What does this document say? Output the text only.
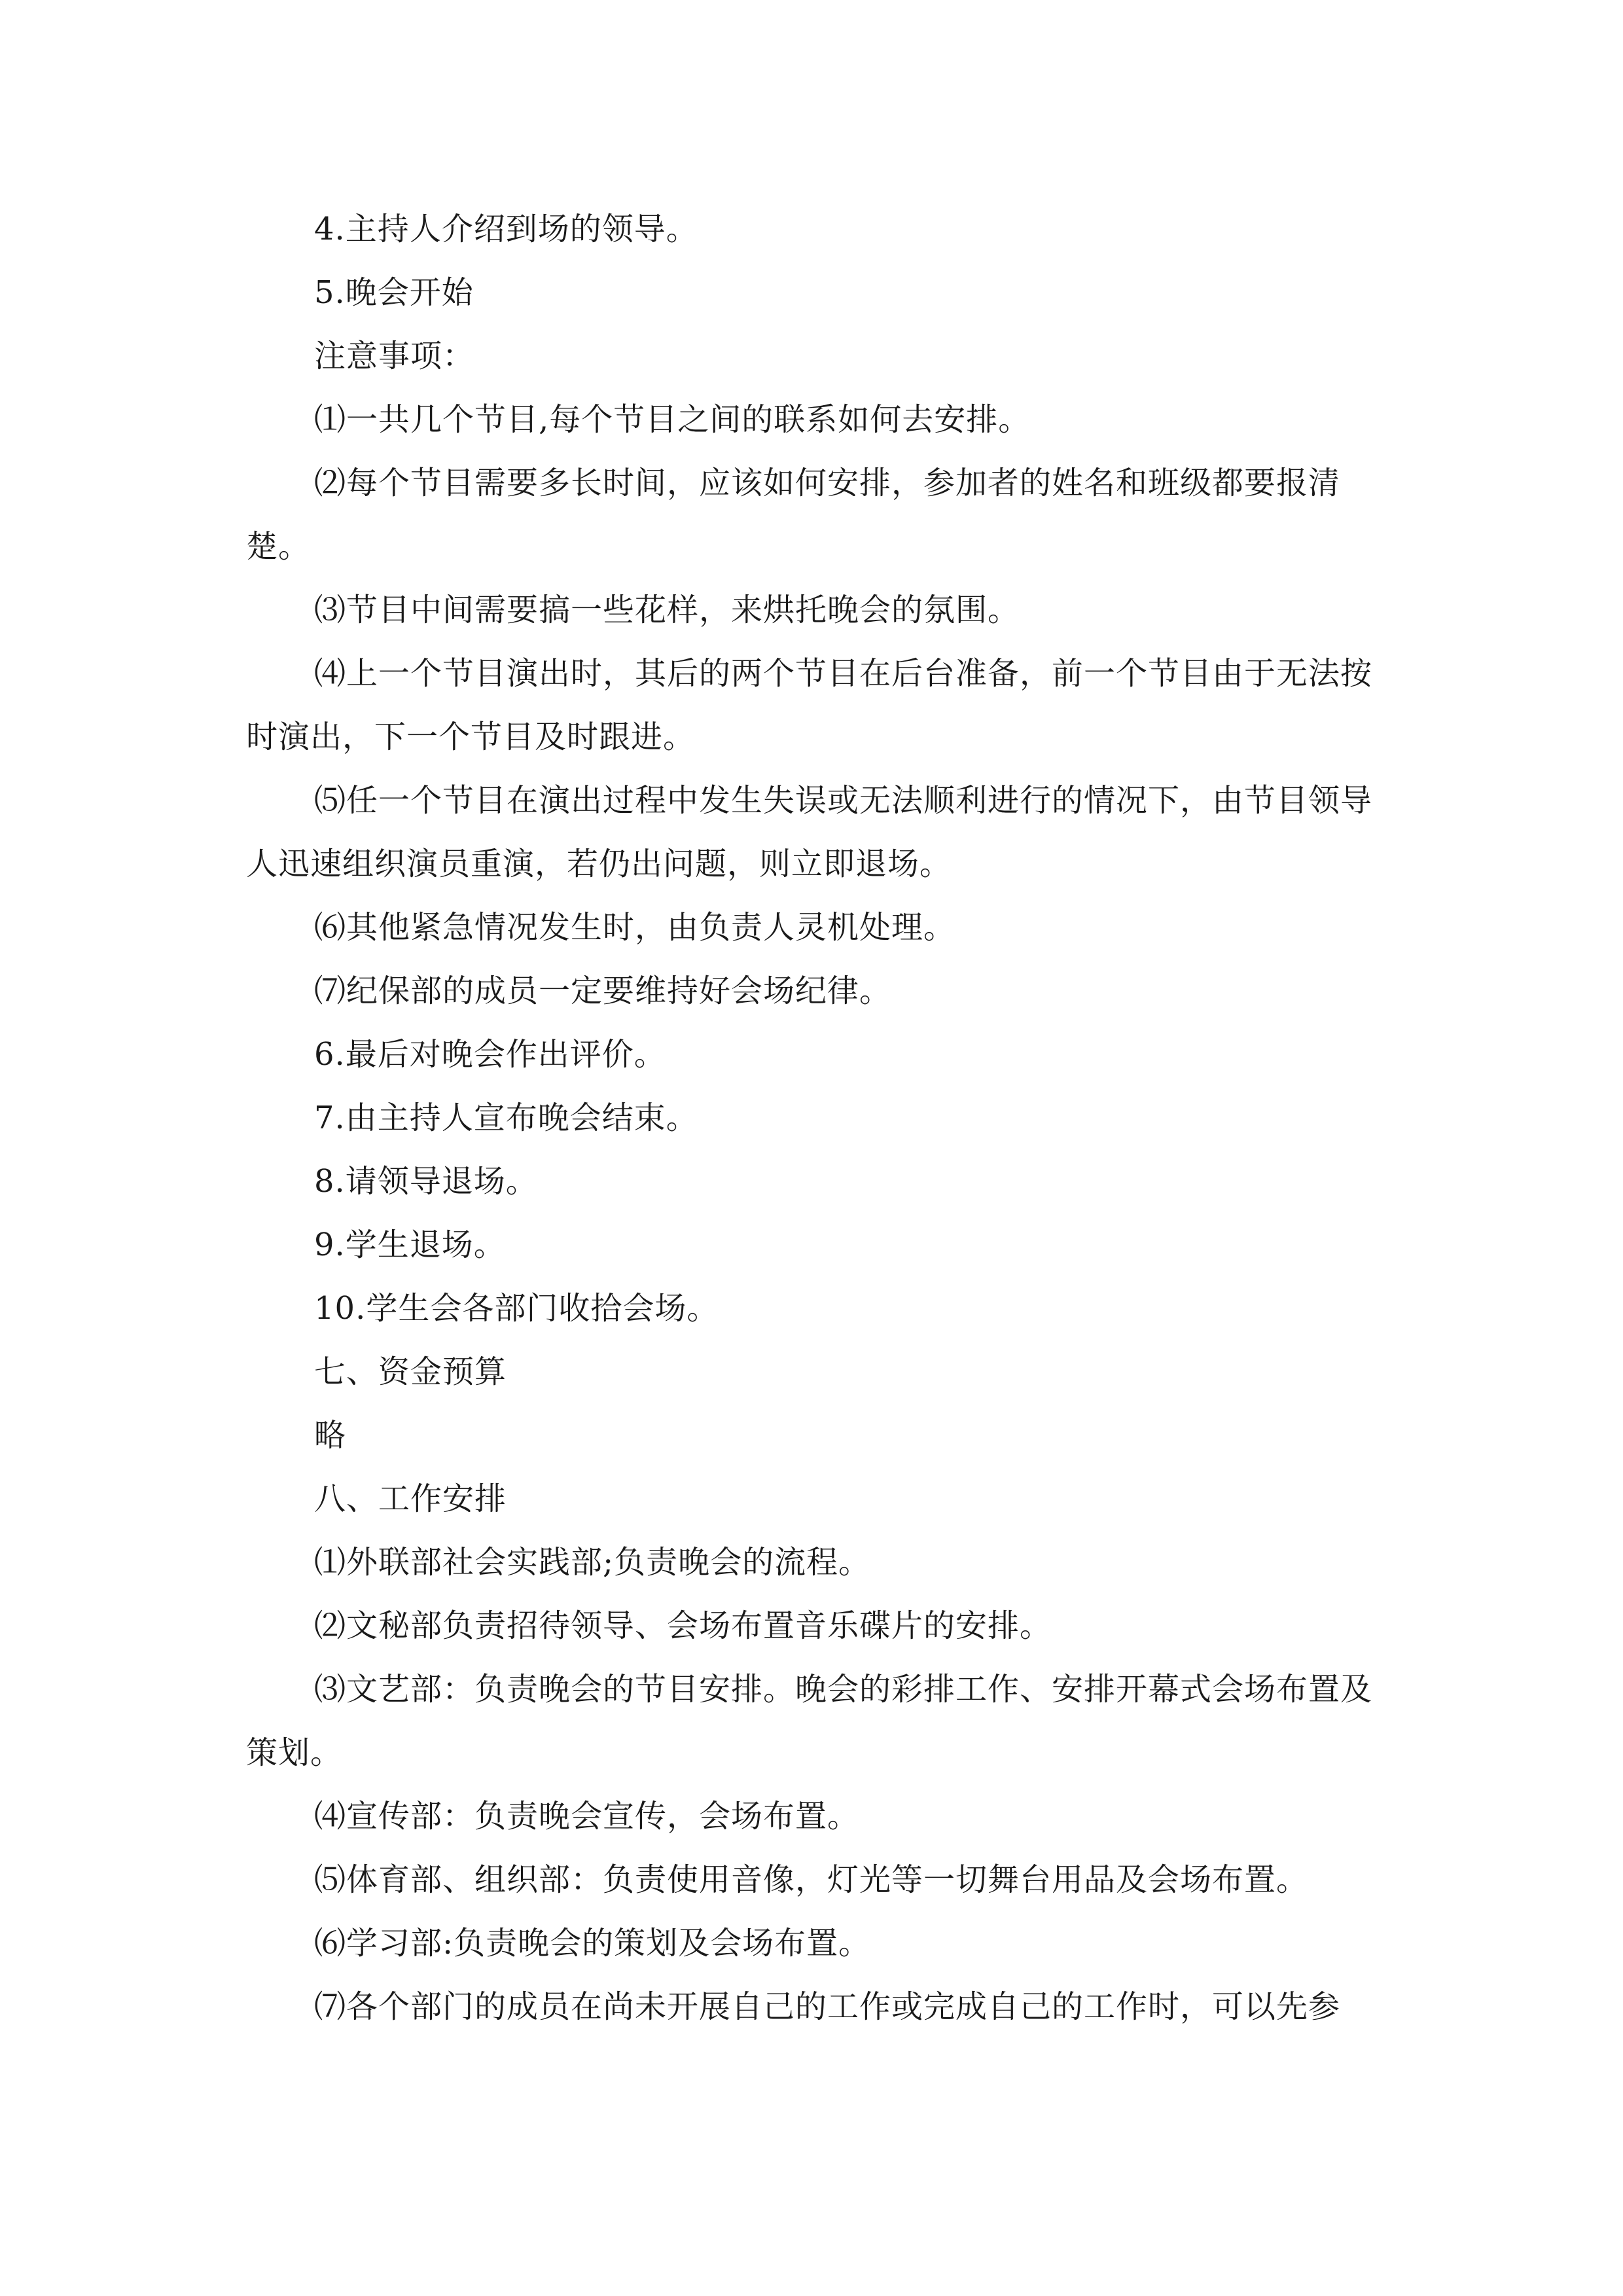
4.主持人介绍到场的领导。

5.晚会开始

注意事项：

⑴一共几个节目,每个节目之间的联系如何去安排。

⑵每个节目需要多长时间，应该如何安排，参加者的姓名和班级都要报清楚。

⑶节目中间需要搞一些花样，来烘托晚会的氛围。

⑷上一个节目演出时，其后的两个节目在后台准备，前一个节目由于无法按时演出，下一个节目及时跟进。

⑸任一个节目在演出过程中发生失误或无法顺利进行的情况下，由节目领导人迅速组织演员重演，若仍出问题，则立即退场。

⑹其他紧急情况发生时，由负责人灵机处理。

⑺纪保部的成员一定要维持好会场纪律。

6.最后对晚会作出评价。

7.由主持人宣布晚会结束。

8.请领导退场。

9.学生退场。

10.学生会各部门收拾会场。

七、资金预算

略

八、工作安排

⑴外联部社会实践部;负责晚会的流程。

⑵文秘部负责招待领导、会场布置音乐碟片的安排。

⑶文艺部：负责晚会的节目安排。晚会的彩排工作、安排开幕式会场布置及策划。

⑷宣传部：负责晚会宣传，会场布置。

⑸体育部、组织部：负责使用音像，灯光等一切舞台用品及会场布置。

⑹学习部:负责晚会的策划及会场布置。

⑺各个部门的成员在尚未开展自己的工作或完成自己的工作时，可以先参
